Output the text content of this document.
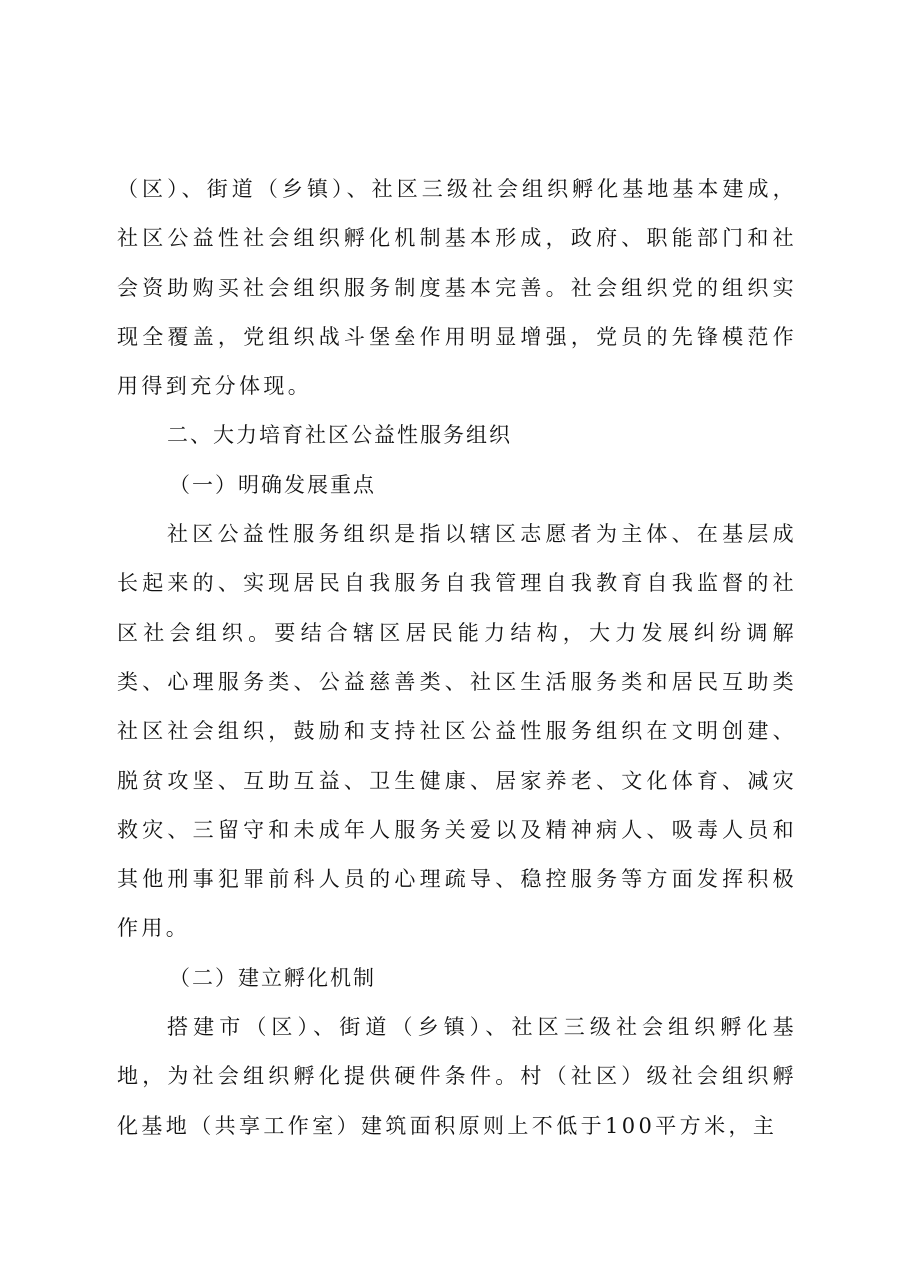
（区）、街道（乡镇）、社区三级社会组织孵化基地基本建成，社区公益性社会组织孵化机制基本形成，政府、职能部门和社会资助购买社会组织服务制度基本完善。社会组织党的组织实现全覆盖，党组织战斗堡垒作用明显增强，党员的先锋模范作用得到充分体现。

二、大力培育社区公益性服务组织

（一）明确发展重点

社区公益性服务组织是指以辖区志愿者为主体、在基层成长起来的、实现居民自我服务自我管理自我教育自我监督的社区社会组织。要结合辖区居民能力结构，大力发展纠纷调解类、心理服务类、公益慈善类、社区生活服务类和居民互助类社区社会组织，鼓励和支持社区公益性服务组织在文明创建、脱贫攻坚、互助互益、卫生健康、居家养老、文化体育、减灾救灾、三留守和未成年人服务关爱以及精神病人、吸毒人员和其他刑事犯罪前科人员的心理疏导、稳控服务等方面发挥积极作用。

（二）建立孵化机制

搭建市（区）、街道（乡镇）、社区三级社会组织孵化基地，为社会组织孵化提供硬件条件。村（社区）级社会组织孵化基地（共享工作室）建筑面积原则上不低于100平方米，主
